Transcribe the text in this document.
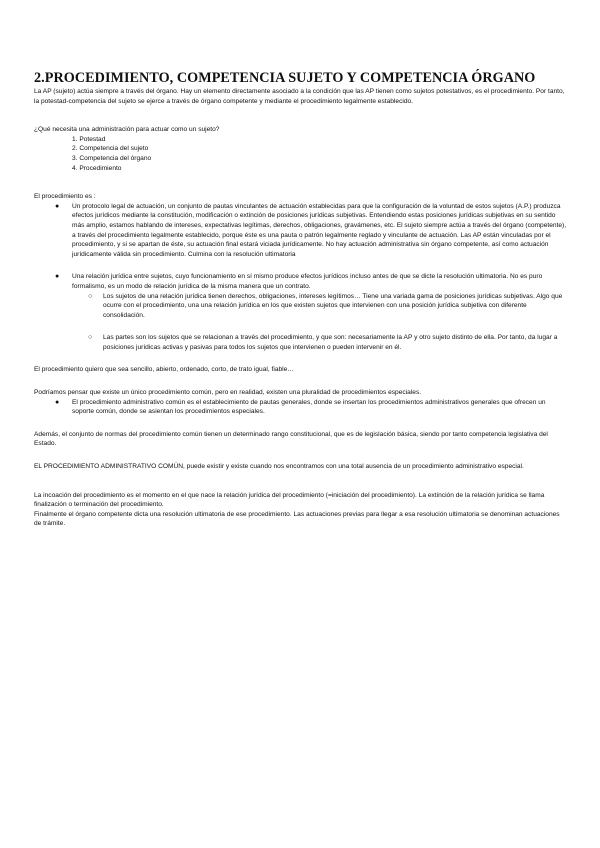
2.PROCEDIMIENTO, COMPETENCIA SUJETO Y COMPETENCIA ÓRGANO

La AP (sujeto) actúa siempre a través del órgano. Hay un elemento directamente asociado a la condición que las AP tienen como sujetos potestativos, es el procedimiento. Por tanto, la potestad-competencia del sujeto se ejerce a través de órgano competente y mediante el procedimiento legalmente establecido.

¿Qué necesita una administración para actuar como un sujeto?

1. Potestad
2. Competencia del sujeto
3. Competencia del órgano
4. Procedimiento

El procedimiento es :

● Un protocolo legal de actuación, un conjunto de pautas vinculantes de actuación establecidas para que la configuración de la voluntad de estos sujetos (A.P.) produzca efectos jurídicos mediante la constitución, modificación o extinción de posiciones jurídicas subjetivas. Entendiendo estas posiciones jurídicas subjetivas en su sentido más amplio, estamos hablando de intereses, expectativas legítimas, derechos, obligaciones, gravámenes, etc. El sujeto siempre actúa a través del órgano (competente), a través del procedimiento legalmente establecido, porque éste es una pauta o patrón legalmente reglado y vinculante de actuación. Las AP están vinculadas por el procedimiento, y si se apartan de éste, su actuación final estará viciada jurídicamente. No hay actuación administrativa sin órgano competente, así como actuación jurídicamente válida sin procedimiento. Culmina con la resolución ultimatoria
● Una relación jurídica entre sujetos, cuyo funcionamiento en sí mismo produce efectos jurídicos incluso antes de que se dicte la resolución ultimatoria. No es puro formalismo, es un modo de relación jurídica de la misma manera que un contrato.
○ Los sujetos de una relación jurídica tienen derechos, obligaciones, intereses legítimos… Tiene una variada gama de posiciones jurídicas subjetivas. Algo que ocurre con el procedimiento, una una relación jurídica en los que existen sujetos que intervienen con una posición jurídica subjetiva con diferente consolidación.
○ Las partes son los sujetos que se relacionan a través del procedimiento, y que son: necesariamente la AP y otro sujeto distinto de ella. Por tanto, da lugar a posiciones jurídicas activas y pasivas para todos los sujetos que intervienen o pueden intervenir en él.

El procedimiento quiero que sea sencillo, abierto, ordenado, corto, de trato igual, fiable…

Podríamos pensar que existe un único procedimiento común, pero en realidad, existen una pluralidad de procedimientos especiales.

● El procedimiento administrativo común es el establecimiento de pautas generales, donde se insertan los procedimientos administrativos generales que ofrecen un soporte común, donde se asientan los procedimientos especiales.

Además, el conjunto de normas del procedimiento común tienen un determinado rango constitucional, que es de legislación básica, siendo por tanto competencia legislativa del Estado.

EL PROCEDIMIENTO ADMINISTRATIVO COMÚN, puede existir y existe cuando nos encontramos con una total ausencia de un procedimiento administrativo especial.

La incoación del procedimiento es el momento en el que nace la relación jurídica del procedimiento (=iniciación del procedimiento). La extinción de la relación jurídica se llama finalización o terminación del procedimiento.

Finalmente el órgano competente dicta una resolución ultimatoria de ese procedimiento. Las actuaciones previas para llegar a esa resolución ultimatoria se denominan actuaciones de trámite.
